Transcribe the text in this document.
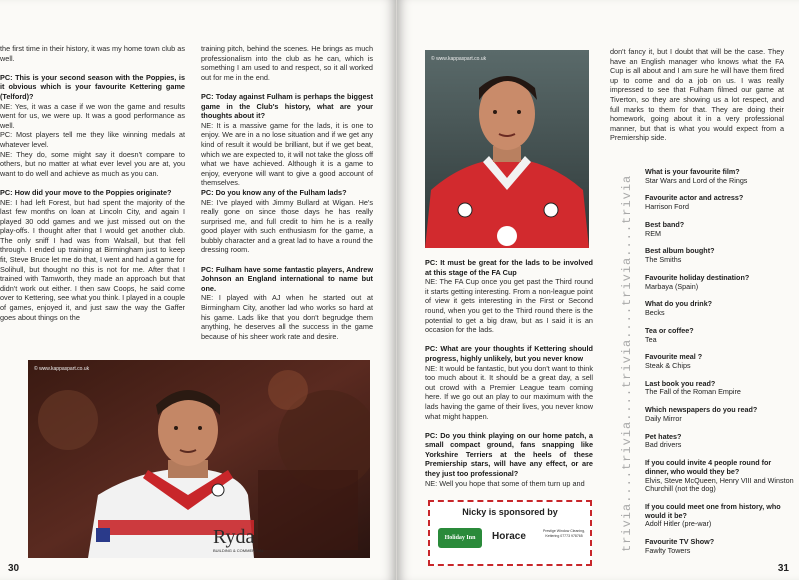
the first time in their history, it was my home town club as well.

PC: This is your second season with the Poppies, is it obvious which is your favourite Kettering game (Telford)?

NE: Yes, it was a case if we won the game and results went for us, we were up. It was a good performance as well.

PC: Most players tell me they like winning medals at whatever level.

NE: They do, some might say it doesn't compare to others, but no matter at what ever level you are at, you want to do well and achieve as much as you can.

PC: How did your move to the Poppies originate?

NE: I had left Forest, but had spent the majority of the last few months on loan at Lincoln City, and again I played 30 odd games and we just missed out on the play-offs. I thought after that I would get another club. The only sniff I had was from Walsall, but that fell through. I ended up training at Birmingham just to keep fit, Steve Bruce let me do that, I went and had a game for Solihull, but thought no this is not for me. After that I trained with Tamworth, they made an approach but that didn't work out either. I then saw Coops, he said come over to Kettering, see what you think. I played in a couple of games, enjoyed it, and just saw the way the Gaffer goes about things on the

training pitch, behind the scenes. He brings as much professionalism into the club as he can, which is something I am used to and respect, so it all worked out for me in the end.

PC: Today against Fulham is perhaps the biggest game in the Club's history, what are your thoughts about it?

NE: It is a massive game for the lads, it is one to enjoy. We are in a no lose situation and if we get any kind of result it would be brilliant, but if we get beat, which we are expected to, it will not take the gloss off what we have achieved. Although it is a game to enjoy, everyone will want to give a good account of themselves.

PC: Do you know any of the Fulham lads?

NE: I've played with Jimmy Bullard at Wigan. He's really gone on since those days he has really surprised me, and full credit to him he is a really good player with such enthusiasm for the game, a bubbly character and a great lad to have a round the dressing room.

PC: Fulham have some fantastic players, Andrew Johnson an England international to name but one.

NE: I played with AJ when he started out at Birmingham City, another lad who works so hard at his game. Lads like that you don't begrudge them anything, he deserves all the success in the game because of his sheer work rate and desire.

Ryda
BUILDING & COMMERCIAL
© www.kappaspart.co.uk
30
© www.kappaspart.co.uk

PC: It must be great for the lads to be involved at this stage of the FA Cup

NE: The FA Cup once you get past the Third round it starts getting interesting. From a non-league point of view it gets interesting in the First or Second round, when you get to the Third round there is the potential to get a big draw, but as I said it is an occasion for the lads.

PC: What are your thoughts if Kettering should progress, highly unlikely, but you never know

NE: It would be fantastic, but you don't want to think too much about it. It should be a great day, a sell out crowd with a Premier League team coming here. If we go out an play to our maximum with the lads having the game of their lives, you never know what might happen.

PC: Do you think playing on our home patch, a small compact ground, fans snapping like Yorkshire Terriers at the heels of these Premiership stars, will have any effect, or are they just too professional?

NE: Well you hope that some of them turn up and

don't fancy it, but I doubt that will be the case. They have an English manager who knows what the FA Cup is all about and I am sure he will have them fired up to come and do a job on us. I was really impressed to see that Fulham filmed our game at Tiverton, so they are showing us a lot respect, and full marks to them for that. They are doing their homework, going about it in a very professional manner, but that is what you would expect from a Premiership side.

31
trivia....trivia....trivia....trivia....trivia
What is your favourite film?
Star Wars and Lord of the Rings
Favourite actor and actress?
Harrison Ford
Best band?
REM
Best album bought?
The Smiths
Favourite holiday destination?
Marbaya (Spain)
What do you drink?
Becks
Tea or coffee?
Tea
Favourite meal ?
Steak & Chips
Last book you read?
The Fall of the Roman Empire
Which newspapers do you read?
Daily Mirror
Pet hates?
Bad drivers
If you could invite 4 people round for dinner, who would they be?
Elvis, Steve McQueen, Henry VIII and Winston Churchill (not the dog)
If you could meet one from history, who would it be?
Adolf Hitler (pre-war)
Favourite TV Show?
Fawlty Towers
Nicky is sponsored by
Holiday Inn Horace	Prestige Window Cleaning, Kettering 07773 978765
